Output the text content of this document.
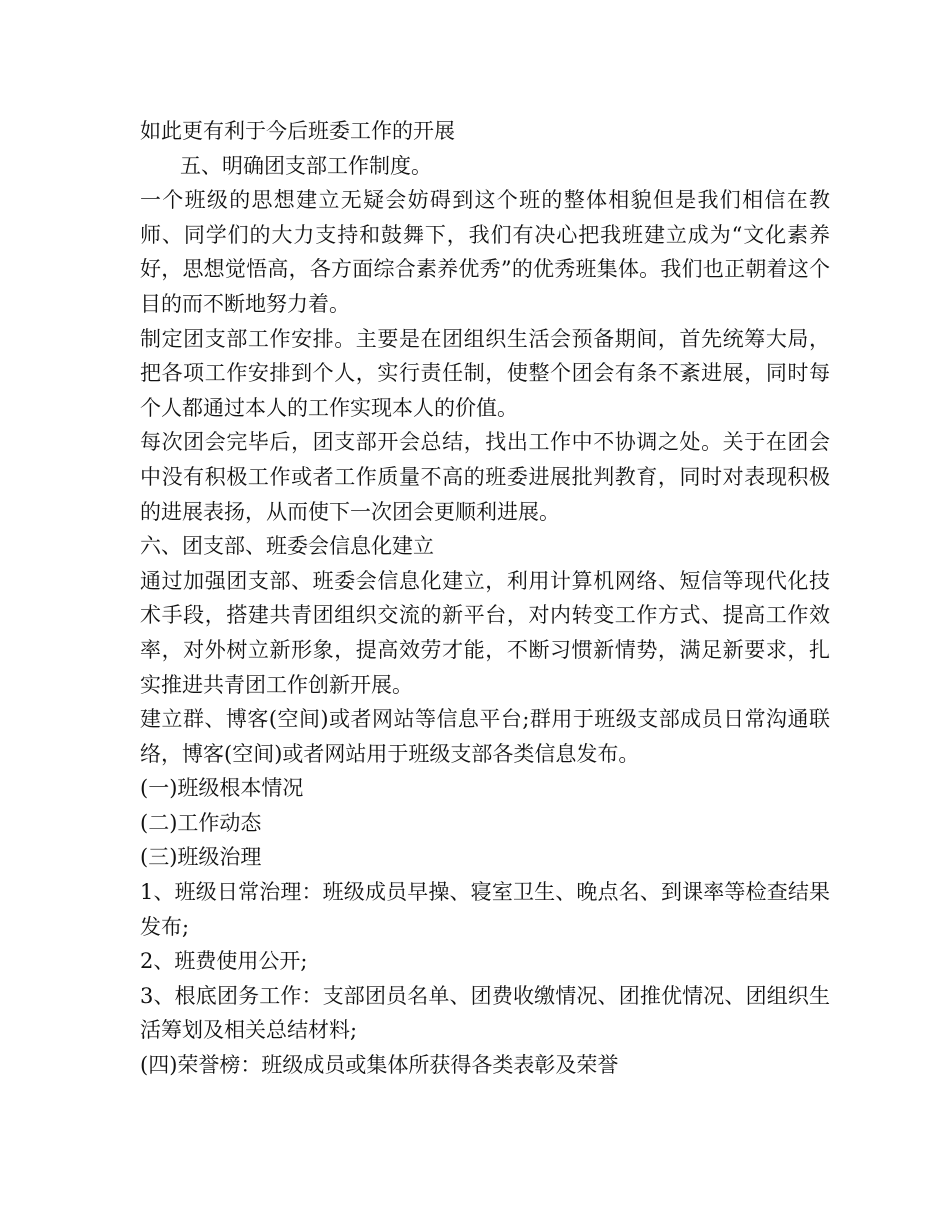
如此更有利于今后班委工作的开展

五、明确团支部工作制度。

一个班级的思想建立无疑会妨碍到这个班的整体相貌但是我们相信在教师、同学们的大力支持和鼓舞下，我们有决心把我班建立成为“文化素养好，思想觉悟高，各方面综合素养优秀”的优秀班集体。我们也正朝着这个目的而不断地努力着。

制定团支部工作安排。主要是在团组织生活会预备期间，首先统筹大局，把各项工作安排到个人，实行责任制，使整个团会有条不紊进展，同时每个人都通过本人的工作实现本人的价值。

每次团会完毕后，团支部开会总结，找出工作中不协调之处。关于在团会中没有积极工作或者工作质量不高的班委进展批判教育，同时对表现积极的进展表扬，从而使下一次团会更顺利进展。

六、团支部、班委会信息化建立

通过加强团支部、班委会信息化建立，利用计算机网络、短信等现代化技术手段，搭建共青团组织交流的新平台，对内转变工作方式、提高工作效率，对外树立新形象，提高效劳才能，不断习惯新情势，满足新要求，扎实推进共青团工作创新开展。

建立群、博客(空间)或者网站等信息平台;群用于班级支部成员日常沟通联络，博客(空间)或者网站用于班级支部各类信息发布。

(一)班级根本情况

(二)工作动态

(三)班级治理

1、班级日常治理：班级成员早操、寝室卫生、晚点名、到课率等检查结果发布;

2、班费使用公开;

3、根底团务工作：支部团员名单、团费收缴情况、团推优情况、团组织生活筹划及相关总结材料;

(四)荣誉榜：班级成员或集体所获得各类表彰及荣誉
